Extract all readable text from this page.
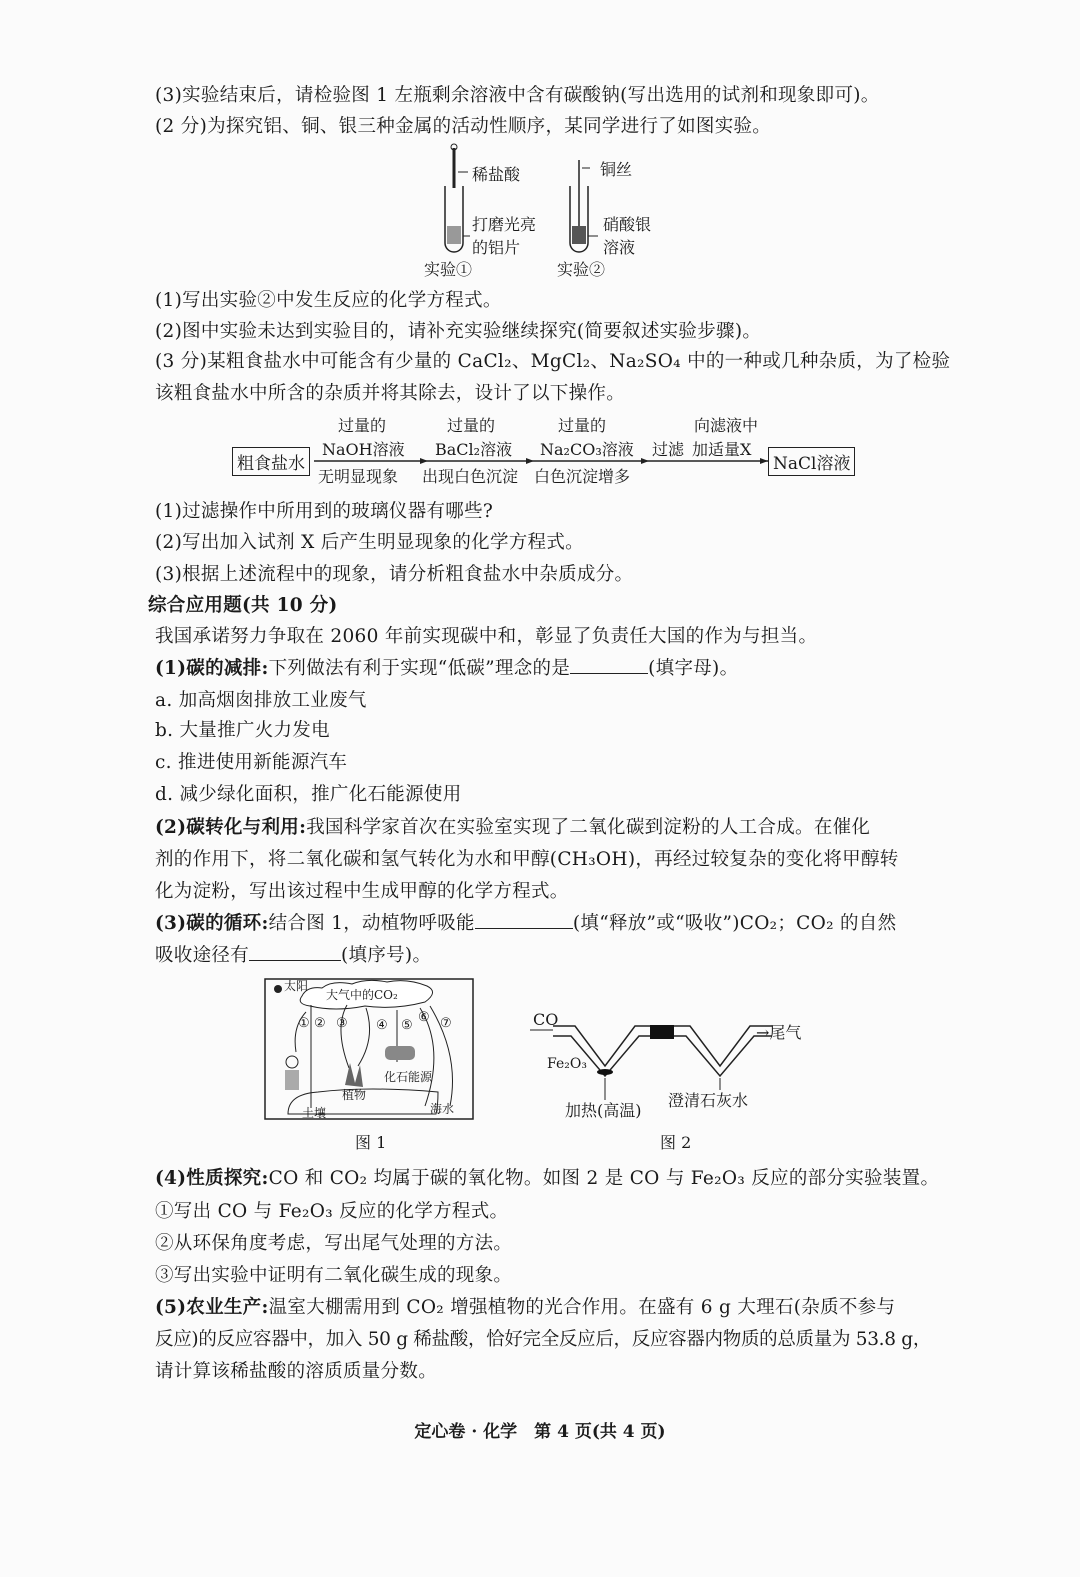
(3)实验结束后，请检验图 1 左瓶剩余溶液中含有碳酸钠(写出选用的试剂和现象即可)。
(2 分)为探究铝、铜、银三种金属的活动性顺序，某同学进行了如图实验。
稀盐酸
打磨光亮
的铝片
实验①
铜丝
硝酸银
溶液
实验②
(1)写出实验②中发生反应的化学方程式。
(2)图中实验未达到实验目的，请补充实验继续探究(简要叙述实验步骤)。
(3 分)某粗食盐水中可能含有少量的 CaCl₂、MgCl₂、Na₂SO₄ 中的一种或几种杂质，为了检验
该粗食盐水中所含的杂质并将其除去，设计了以下操作。
粗食盐水
过量的
NaOH溶液
无明显现象
过量的
BaCl₂溶液
出现白色沉淀
过量的
Na₂CO₃溶液
白色沉淀增多
过滤
向滤液中
加适量X
NaCl溶液
(1)过滤操作中所用到的玻璃仪器有哪些?
(2)写出加入试剂 X 后产生明显现象的化学方程式。
(3)根据上述流程中的现象，请分析粗食盐水中杂质成分。
综合应用题(共 10 分)
我国承诺努力争取在 2060 年前实现碳中和，彰显了负责任大国的作为与担当。
(1)碳的减排:下列做法有利于实现“低碳”理念的是	(填字母)。
a. 加高烟囱排放工业废气
b. 大量推广火力发电
c. 推进使用新能源汽车
d. 减少绿化面积，推广化石能源使用
(2)碳转化与利用:我国科学家首次在实验室实现了二氧化碳到淀粉的人工合成。在催化
剂的作用下，将二氧化碳和氢气转化为水和甲醇(CH₃OH)，再经过较复杂的变化将甲醇转
化为淀粉，写出该过程中生成甲醇的化学方程式。
(3)碳的循环:结合图 1，动植物呼吸能	(填“释放”或“吸收”)CO₂；CO₂ 的自然
吸收途径有	(填序号)。
太阳
大气中的CO₂
① ② ③ ④ ⑤
⑥ ⑦
植物
化石能源
土壤	海水
图 1
CO
→尾气
Fe₂O₃
加热(高温)
澄清石灰水
图 2
(4)性质探究:CO 和 CO₂ 均属于碳的氧化物。如图 2 是 CO 与 Fe₂O₃ 反应的部分实验装置。
①写出 CO 与 Fe₂O₃ 反应的化学方程式。
②从环保角度考虑，写出尾气处理的方法。
③写出实验中证明有二氧化碳生成的现象。
(5)农业生产:温室大棚需用到 CO₂ 增强植物的光合作用。在盛有 6 g 大理石(杂质不参与
反应)的反应容器中，加入 50 g 稀盐酸，恰好完全反应后，反应容器内物质的总质量为 53.8 g，
请计算该稀盐酸的溶质质量分数。
定心卷 · 化学　第 4 页(共 4 页)
